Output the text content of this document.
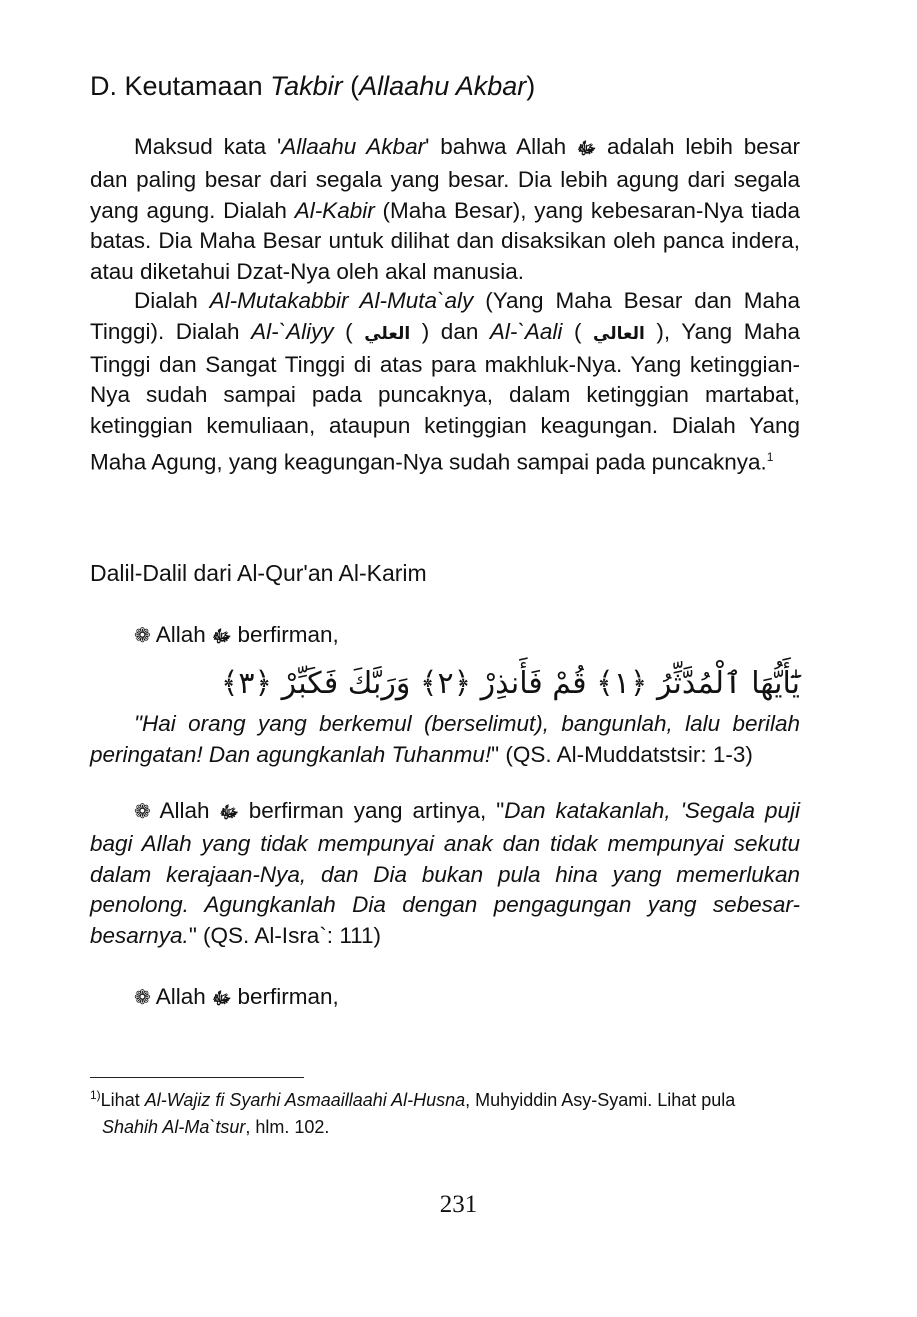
D. Keutamaan Takbir (Allaahu Akbar)

Maksud kata 'Allaahu Akbar' bahwa Allah ﷻ adalah lebih besar dan paling besar dari segala yang besar. Dia lebih agung dari segala yang agung. Dialah Al-Kabir (Maha Besar), yang kebesaran-Nya tiada batas. Dia Maha Besar untuk dilihat dan disaksikan oleh panca indera, atau diketahui Dzat-Nya oleh akal manusia.

Dialah Al-Mutakabbir Al-Muta`aly (Yang Maha Besar dan Maha Tinggi). Dialah Al-`Aliyy ( العلي ) dan Al-`Aali ( العالي ), Yang Maha Tinggi dan Sangat Tinggi di atas para makhluk-Nya. Yang ketinggian-Nya sudah sampai pada puncaknya, dalam ketinggian martabat, ketinggian kemuliaan, ataupun ketinggian keagungan. Dialah Yang Maha Agung, yang keagungan-Nya sudah sampai pada puncaknya.$^1$

Dalil-Dalil dari Al-Qur'an Al-Karim
❁ Allah ﷻ berfirman,
يَٰٓأَيُّهَا ٱلْمُدَّثِّرُ ﴿١﴾ قُمْ فَأَنذِرْ ﴿٢﴾ وَرَبَّكَ فَكَبِّرْ ﴿٣﴾

"Hai orang yang berkemul (berselimut), bangunlah, lalu berilah peringatan! Dan agungkanlah Tuhanmu!" (QS. Al-Muddatstsir: 1-3)

❁ Allah ﷻ berfirman yang artinya, "Dan katakanlah, 'Segala puji bagi Allah yang tidak mempunyai anak dan tidak mempunyai sekutu dalam kerajaan-Nya, dan Dia bukan pula hina yang memerlukan penolong. Agungkanlah Dia dengan pengagungan yang sebesar-besarnya." (QS. Al-Isra`: 111)

❁ Allah ﷻ berfirman,
$^{1)}$Lihat Al-Wajiz fi Syarhi Asmaaillaahi Al-Husna, Muhyiddin Asy-Syami. Lihat pula
Shahih Al-Ma`tsur, hlm. 102.
231
